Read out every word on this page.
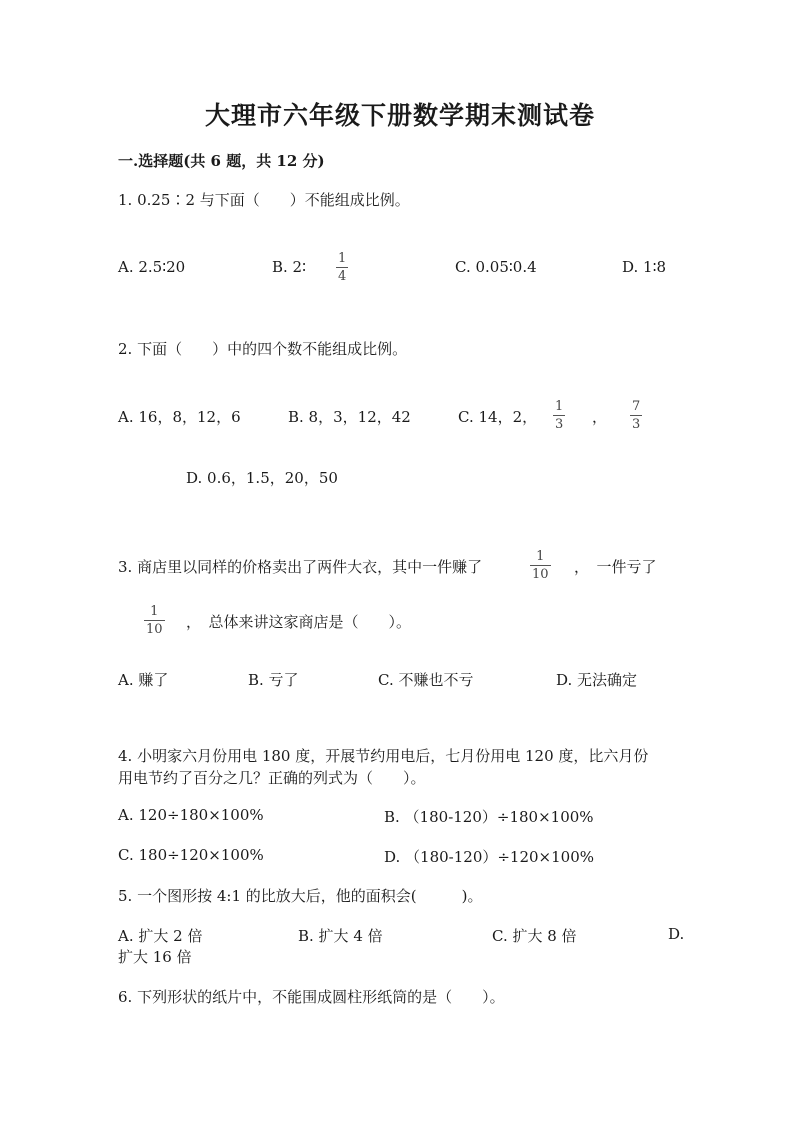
大理市六年级下册数学期末测试卷
一.选择题(共 6 题，共 12 分)
1. 0.25∶2 与下面（　　）不能组成比例。
A. 2.5∶20	B. 2∶ 1
4
C. 0.05∶0.4	D. 1∶8
2. 下面（　　）中的四个数不能组成比例。
A. 16，8，12，6	B. 8，3，12，42	C. 14，2，
1
3 ，
7
3
D. 0.6，1.5，20，50
3. 商店里以同样的价格卖出了两件大衣，其中一件赚了
1
10 ，　一件亏了
1
10 ，　总体来讲这家商店是（　　）。
A. 赚了	B. 亏了	C. 不赚也不亏	D. 无法确定
4. 小明家六月份用电 180 度，开展节约用电后，七月份用电 120 度，比六月份
用电节约了百分之几？正确的列式为（　　）。
A. 120÷180×100%	B. （180-120）÷180×100%
C. 180÷120×100%	D. （180-120）÷120×100%
5. 一个图形按 4:1 的比放大后，他的面积会(　　　)。
A. 扩大 2 倍	B. 扩大 4 倍	C. 扩大 8 倍	D.
扩大 16 倍
6. 下列形状的纸片中，不能围成圆柱形纸筒的是（　　）。
